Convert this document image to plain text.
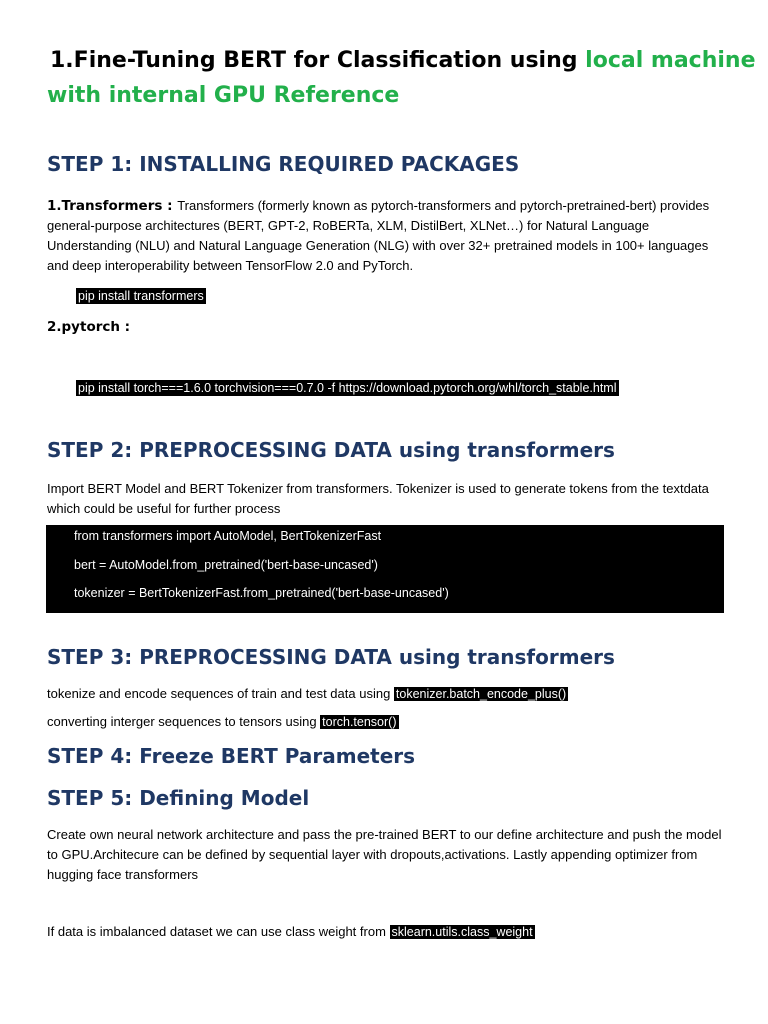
1.Fine-Tuning BERT for Classification using local machine
with internal GPU Reference
STEP 1: INSTALLING REQUIRED PACKAGES
1.Transformers : Transformers (formerly known as pytorch-transformers and pytorch-pretrained-bert) provides general-purpose architectures (BERT, GPT-2, RoBERTa, XLM, DistilBert, XLNet…) for Natural Language Understanding (NLU) and Natural Language Generation (NLG) with over 32+ pretrained models in 100+ languages and deep interoperability between TensorFlow 2.0 and PyTorch.
pip install transformers
2.pytorch :
pip install torch===1.6.0 torchvision===0.7.0 -f https://download.pytorch.org/whl/torch_stable.html
STEP 2: PREPROCESSING DATA using transformers
Import BERT Model and BERT Tokenizer from transformers. Tokenizer is used to generate tokens from the textdata which could be useful for further process
from transformers import AutoModel, BertTokenizerFast
bert = AutoModel.from_pretrained('bert-base-uncased')
tokenizer = BertTokenizerFast.from_pretrained('bert-base-uncased')
STEP 3: PREPROCESSING DATA using transformers
tokenize and encode sequences of train and test data using tokenizer.batch_encode_plus()
converting interger sequences to tensors using torch.tensor()
STEP 4: Freeze BERT Parameters
STEP 5: Defining Model
Create own neural network architecture and pass the pre-trained BERT to our define architecture and push the model to GPU.Architecure can be defined by sequential layer with dropouts,activations. Lastly appending optimizer from hugging face transformers
If data is imbalanced dataset we can use class weight from sklearn.utils.class_weight
